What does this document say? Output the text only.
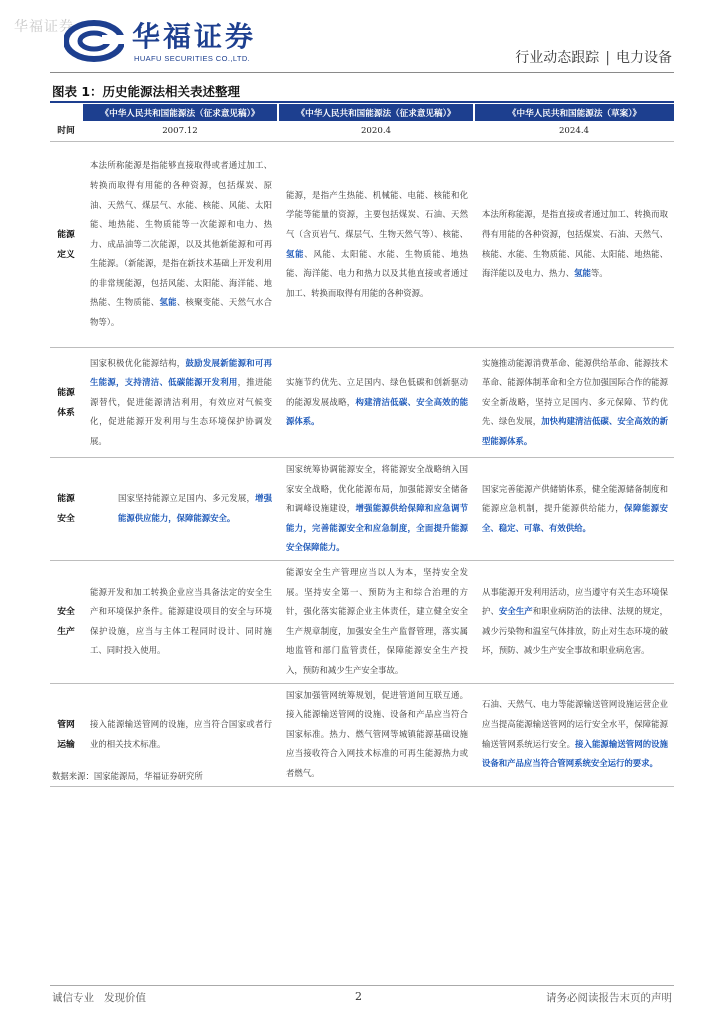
华福证券 华福证券
HUAFU SECURITIES CO.,LTD.	行业动态跟踪 | 电力设备
图表 1：历史能源法相关表述整理
	《中华人民共和国能源法（征求意见稿）》	《中华人民共和国能源法（征求意见稿）》	《中华人民共和国能源法（草案）》
时间	2007.12	2020.4	2024.4

能源
定义	本法所称能源是指能够直接取得或者通过加工、转换而取得有用能的各种资源，包括煤炭、原油、天然气、煤层气、水能、核能、风能、太阳能、地热能、生物质能等一次能源和电力、热力、成品油等二次能源，以及其他新能源和可再生能源。（新能源，是指在新技术基础上开发利用的非常规能源，包括风能、太阳能、海洋能、地热能、生物质能、氢能、核聚变能、天然气水合物等）。	能源，是指产生热能、机械能、电能、核能和化学能等能量的资源，主要包括煤炭、石油、天然气（含页岩气、煤层气、生物天然气等）、核能、氢能、风能、太阳能、水能、生物质能、地热能、海洋能、电力和热力以及其他直接或者通过加工、转换而取得有用能的各种资源。	本法所称能源，是指直接或者通过加工、转换而取得有用能的各种资源，包括煤炭、石油、天然气、核能、水能、生物质能、风能、太阳能、地热能、海洋能以及电力、热力、氢能等。

能源
体系	国家积极优化能源结构，鼓励发展新能源和可再生能源，支持清洁、低碳能源开发利用，推进能源替代，促进能源清洁利用，有效应对气候变化，促进能源开发利用与生态环境保护协调发展。	实施节约优先、立足国内、绿色低碳和创新驱动的能源发展战略，构建清洁低碳、安全高效的能源体系。	实施推动能源消费革命、能源供给革命、能源技术革命、能源体制革命和全方位加强国际合作的能源安全新战略，坚持立足国内、多元保障、节约优先、绿色发展，加快构建清洁低碳、安全高效的新型能源体系。

能源
安全	国家坚持能源立足国内、多元发展，增强能源供应能力，保障能源安全。	国家统筹协调能源安全，将能源安全战略纳入国家安全战略，优化能源布局，加强能源安全储备和调峰设施建设，增强能源供给保障和应急调节能力，完善能源安全和应急制度，全面提升能源安全保障能力。	国家完善能源产供储销体系，健全能源储备制度和能源应急机制，提升能源供给能力，保障能源安全、稳定、可靠、有效供给。

安全
生产	能源开发和加工转换企业应当具备法定的安全生产和环境保护条件。能源建设项目的安全与环境保护设施，应当与主体工程同时设计、同时施工、同时投入使用。	能源安全生产管理应当以人为本，坚持安全发展。坚持安全第一、预防为主和综合治理的方针，强化落实能源企业主体责任，建立健全安全生产规章制度，加强安全生产监督管理，落实属地监管和部门监管责任，保障能源安全生产投入，预防和减少生产安全事故。	从事能源开发利用活动，应当遵守有关生态环境保护、安全生产和职业病防治的法律、法规的规定，减少污染物和温室气体排放，防止对生态环境的破坏，预防、减少生产安全事故和职业病危害。

管网
运输	接入能源输送管网的设施，应当符合国家或者行业的相关技术标准。	国家加强管网统筹规划，促进管道间互联互通。接入能源输送管网的设施、设备和产品应当符合国家标准。热力、燃气管网等城镇能源基础设施应当接收符合入网技术标准的可再生能源热力或者燃气。	石油、天然气、电力等能源输送管网设施运营企业应当提高能源输送管网的运行安全水平，保障能源输送管网系统运行安全。接入能源输送管网的设施设备和产品应当符合管网系统安全运行的要求。
数据来源：国家能源局，华福证券研究所
诚信专业 发现价值	2	请务必阅读报告末页的声明
